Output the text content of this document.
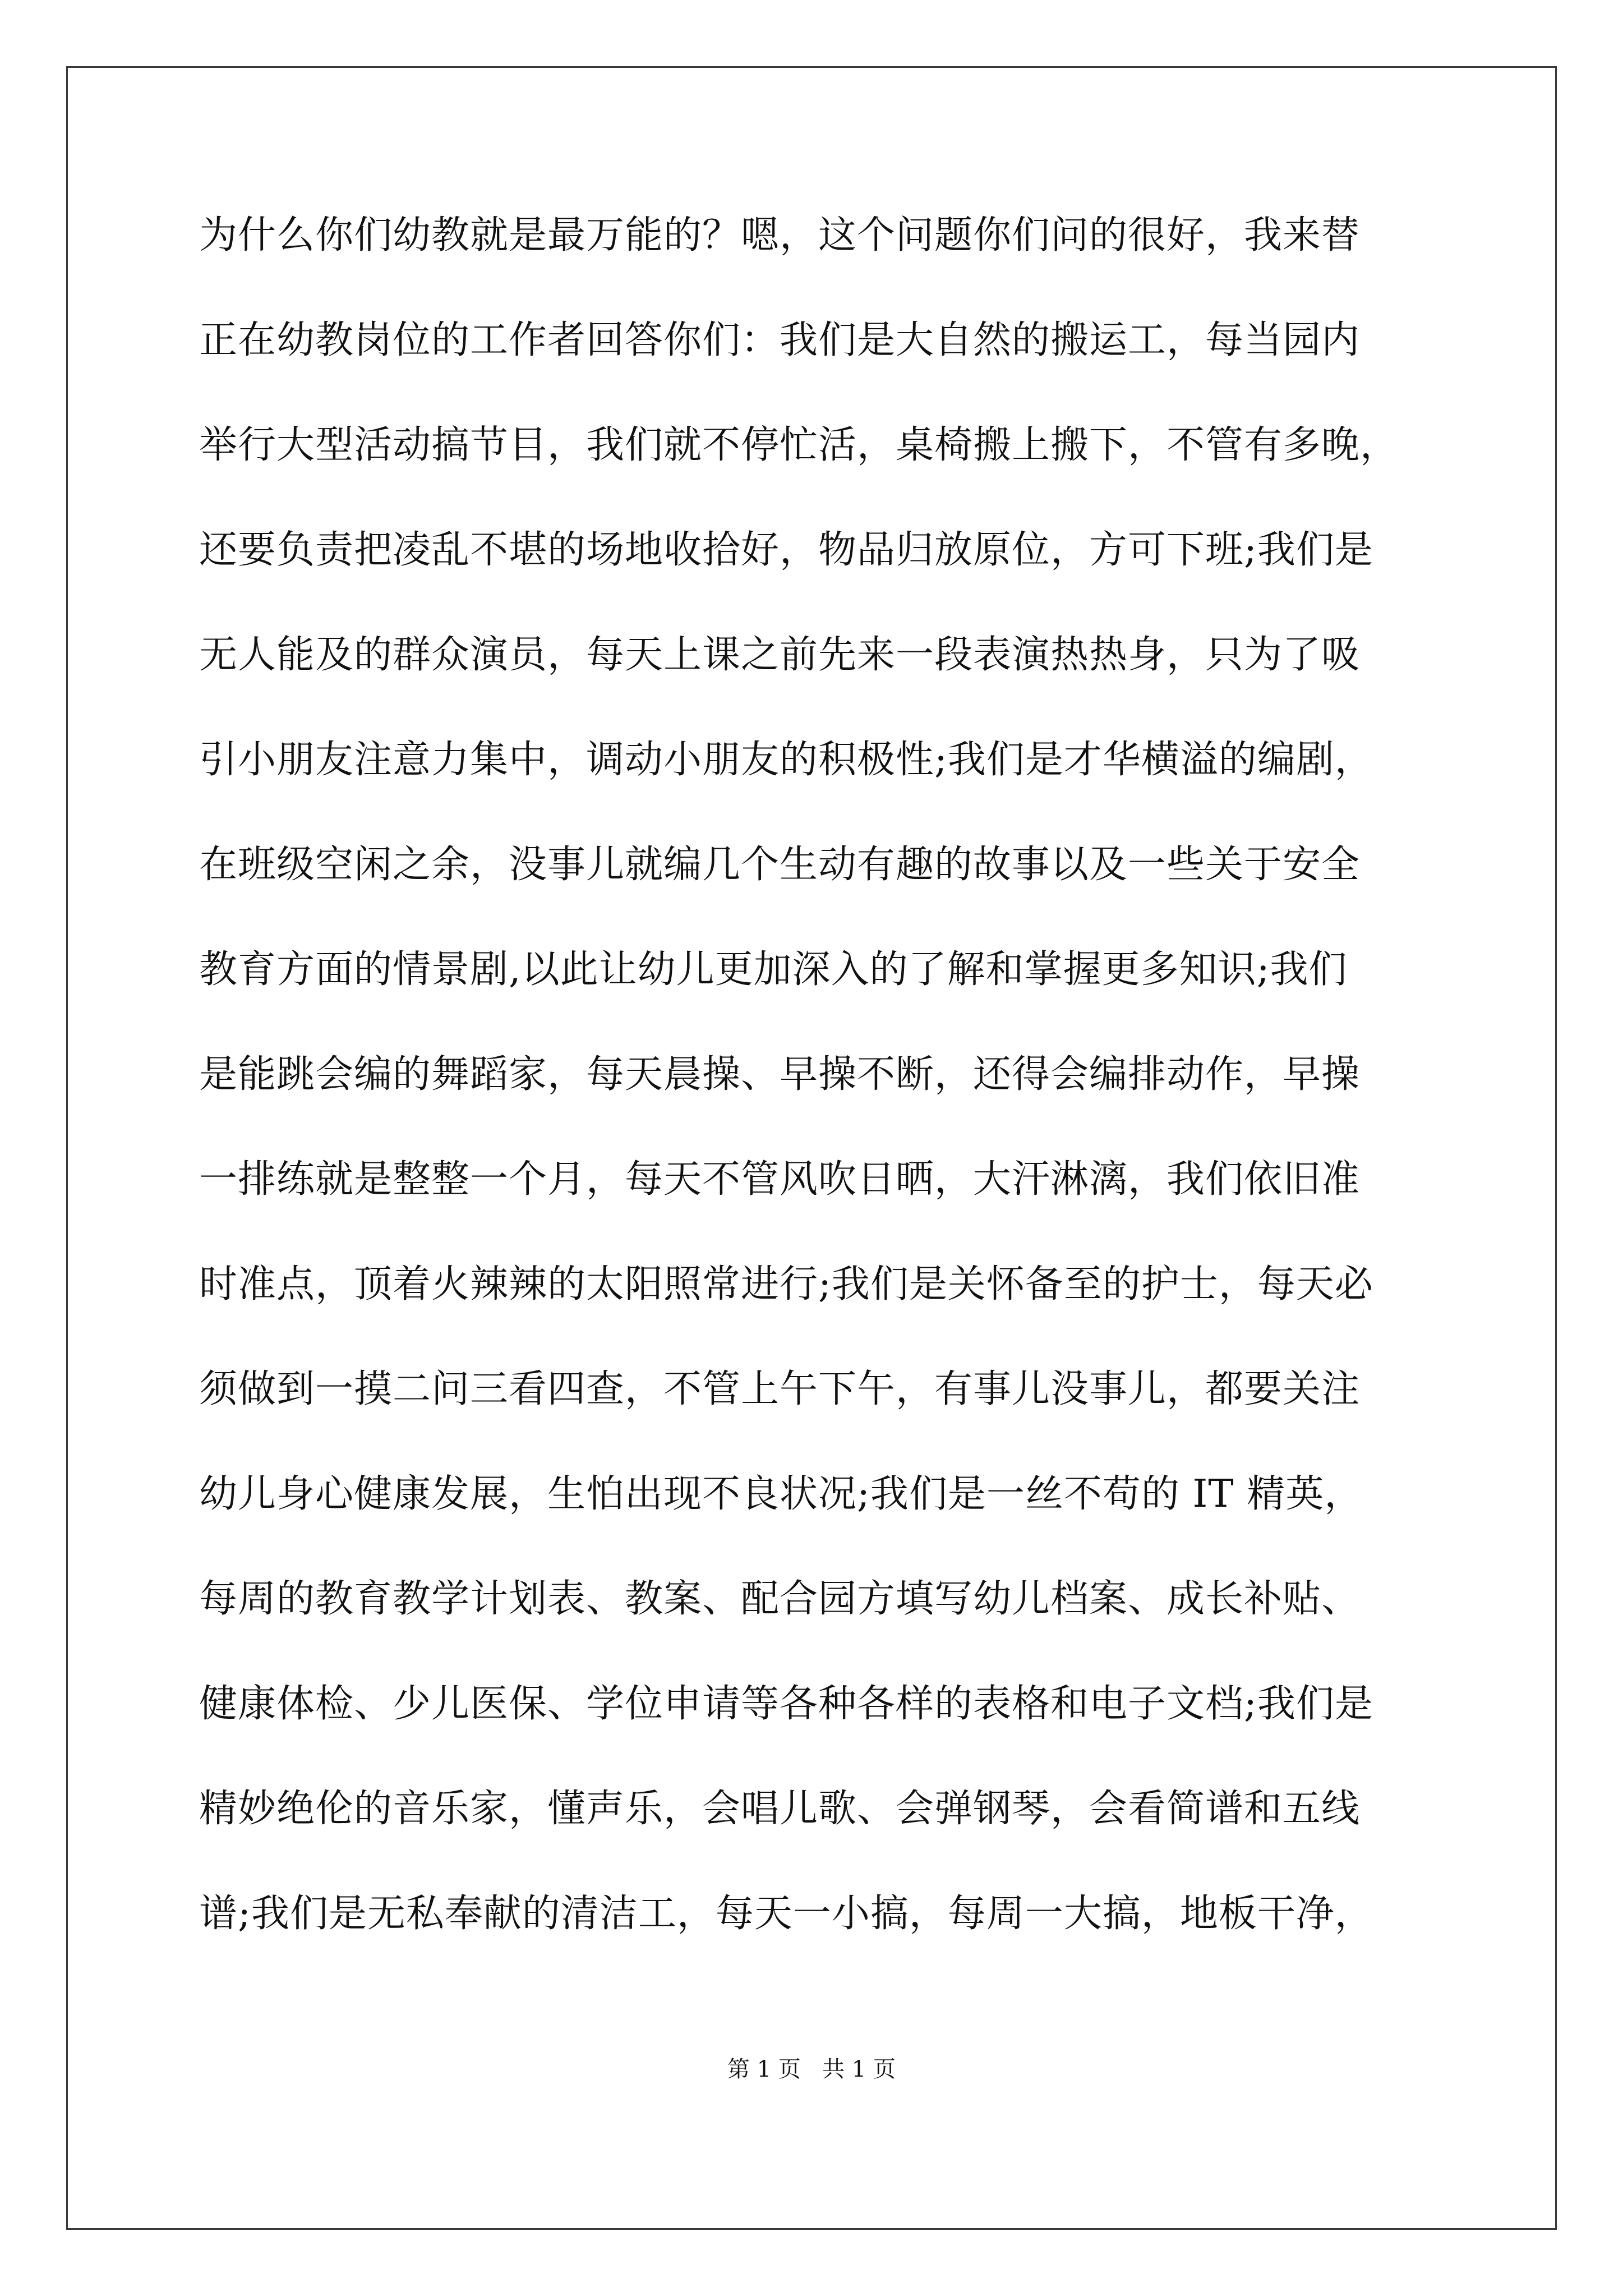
为什么你们幼教就是最万能的？嗯，这个问题你们问的很好，我来替
正在幼教岗位的工作者回答你们：我们是大自然的搬运工，每当园内
举行大型活动搞节目，我们就不停忙活，桌椅搬上搬下，不管有多晚，
还要负责把凌乱不堪的场地收拾好，物品归放原位，方可下班;我们是
无人能及的群众演员，每天上课之前先来一段表演热热身，只为了吸
引小朋友注意力集中，调动小朋友的积极性;我们是才华横溢的编剧，
在班级空闲之余，没事儿就编几个生动有趣的故事以及一些关于安全
教育方面的情景剧,以此让幼儿更加深入的了解和掌握更多知识;我们
是能跳会编的舞蹈家，每天晨操、早操不断，还得会编排动作，早操
一排练就是整整一个月，每天不管风吹日晒，大汗淋漓，我们依旧准
时准点，顶着火辣辣的太阳照常进行;我们是关怀备至的护士，每天必
须做到一摸二问三看四查，不管上午下午，有事儿没事儿，都要关注
幼儿身心健康发展，生怕出现不良状况;我们是一丝不苟的 IT 精英，
每周的教育教学计划表、教案、配合园方填写幼儿档案、成长补贴、
健康体检、少儿医保、学位申请等各种各样的表格和电子文档;我们是
精妙绝伦的音乐家，懂声乐，会唱儿歌、会弹钢琴，会看简谱和五线
谱;我们是无私奉献的清洁工，每天一小搞，每周一大搞，地板干净，
第 1 页   共 1 页
